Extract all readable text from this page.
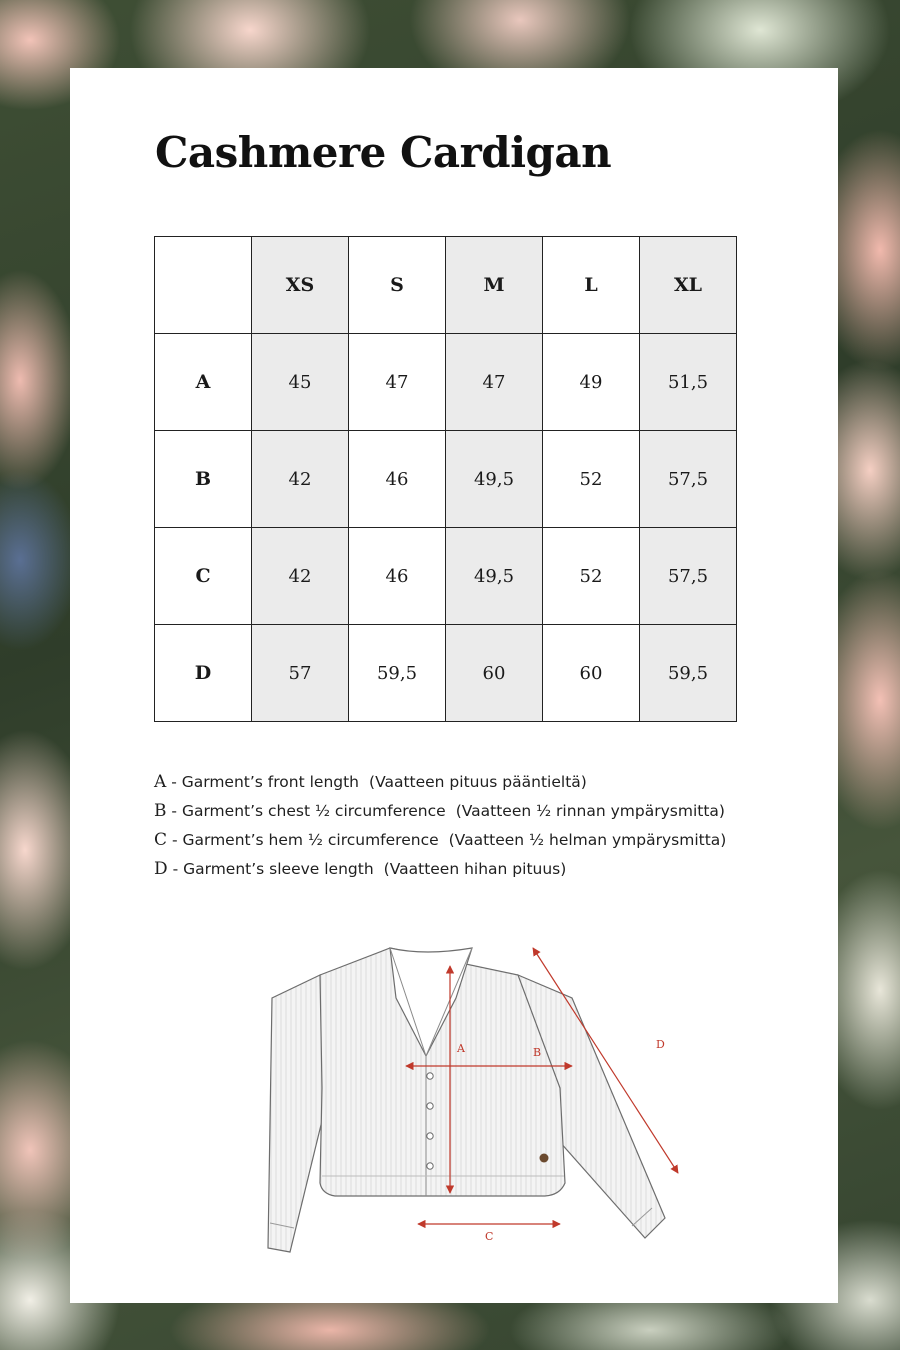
Cashmere Cardigan
	XS	S	M	L	XL
A	45	47	47	49	51,5
B	42	46	49,5	52	57,5
C	42	46	49,5	52	57,5
D	57	59,5	60	60	59,5
A - Garment’s front length (Vaatteen pituus pääntieltä)
B - Garment’s chest ½ circumference (Vaatteen ½ rinnan ympärysmitta)
C - Garment’s hem ½ circumference (Vaatteen ½ helman ympärysmitta)
D - Garment’s sleeve length (Vaatteen hihan pituus)
A	B
C
D
